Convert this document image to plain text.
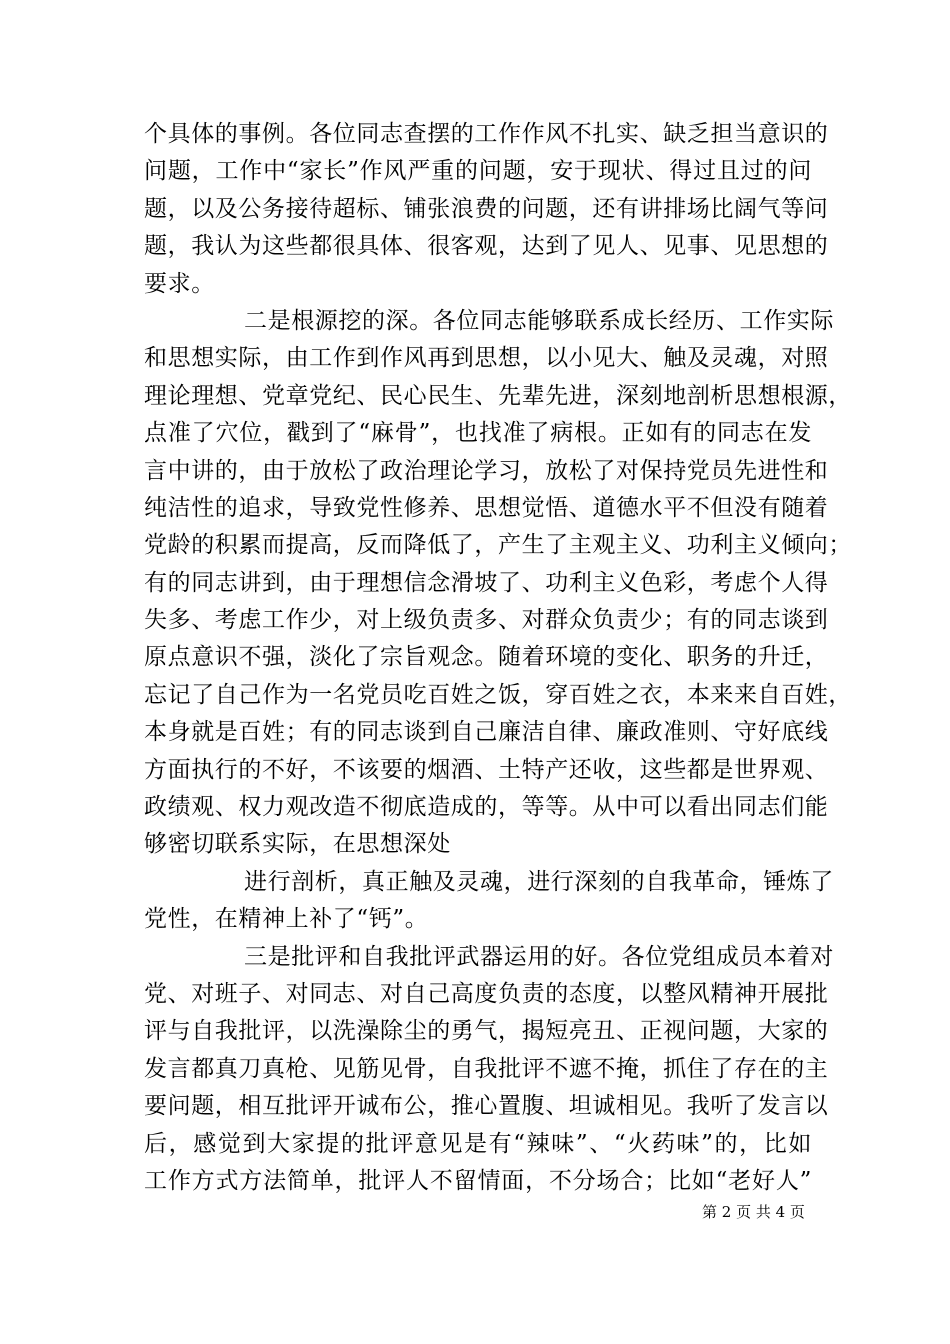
个具体的事例。各位同志查摆的工作作风不扎实、缺乏担当意识的
问题，工作中“家长”作风严重的问题，安于现状、得过且过的问
题，以及公务接待超标、铺张浪费的问题，还有讲排场比阔气等问
题，我认为这些都很具体、很客观，达到了见人、见事、见思想的
要求。
二是根源挖的深。各位同志能够联系成长经历、工作实际
和思想实际，由工作到作风再到思想，以小见大、触及灵魂，对照
理论理想、党章党纪、民心民生、先辈先进，深刻地剖析思想根源，
点准了穴位，戳到了“麻骨”，也找准了病根。正如有的同志在发
言中讲的，由于放松了政治理论学习，放松了对保持党员先进性和
纯洁性的追求，导致党性修养、思想觉悟、道德水平不但没有随着
党龄的积累而提高，反而降低了，产生了主观主义、功利主义倾向；
有的同志讲到，由于理想信念滑坡了、功利主义色彩，考虑个人得
失多、考虑工作少，对上级负责多、对群众负责少；有的同志谈到
原点意识不强，淡化了宗旨观念。随着环境的变化、职务的升迁，
忘记了自己作为一名党员吃百姓之饭，穿百姓之衣，本来来自百姓，
本身就是百姓；有的同志谈到自己廉洁自律、廉政准则、守好底线
方面执行的不好，不该要的烟酒、土特产还收，这些都是世界观、
政绩观、权力观改造不彻底造成的，等等。从中可以看出同志们能
够密切联系实际，在思想深处
进行剖析，真正触及灵魂，进行深刻的自我革命，锤炼了
党性，在精神上补了“钙”。
三是批评和自我批评武器运用的好。各位党组成员本着对
党、对班子、对同志、对自己高度负责的态度，以整风精神开展批
评与自我批评，以洗澡除尘的勇气，揭短亮丑、正视问题，大家的
发言都真刀真枪、见筋见骨，自我批评不遮不掩，抓住了存在的主
要问题，相互批评开诚布公，推心置腹、坦诚相见。我听了发言以
后，感觉到大家提的批评意见是有“辣味”、“火药味”的，比如
工作方式方法简单，批评人不留情面，不分场合；比如“老好人”
第 2 页 共 4 页
